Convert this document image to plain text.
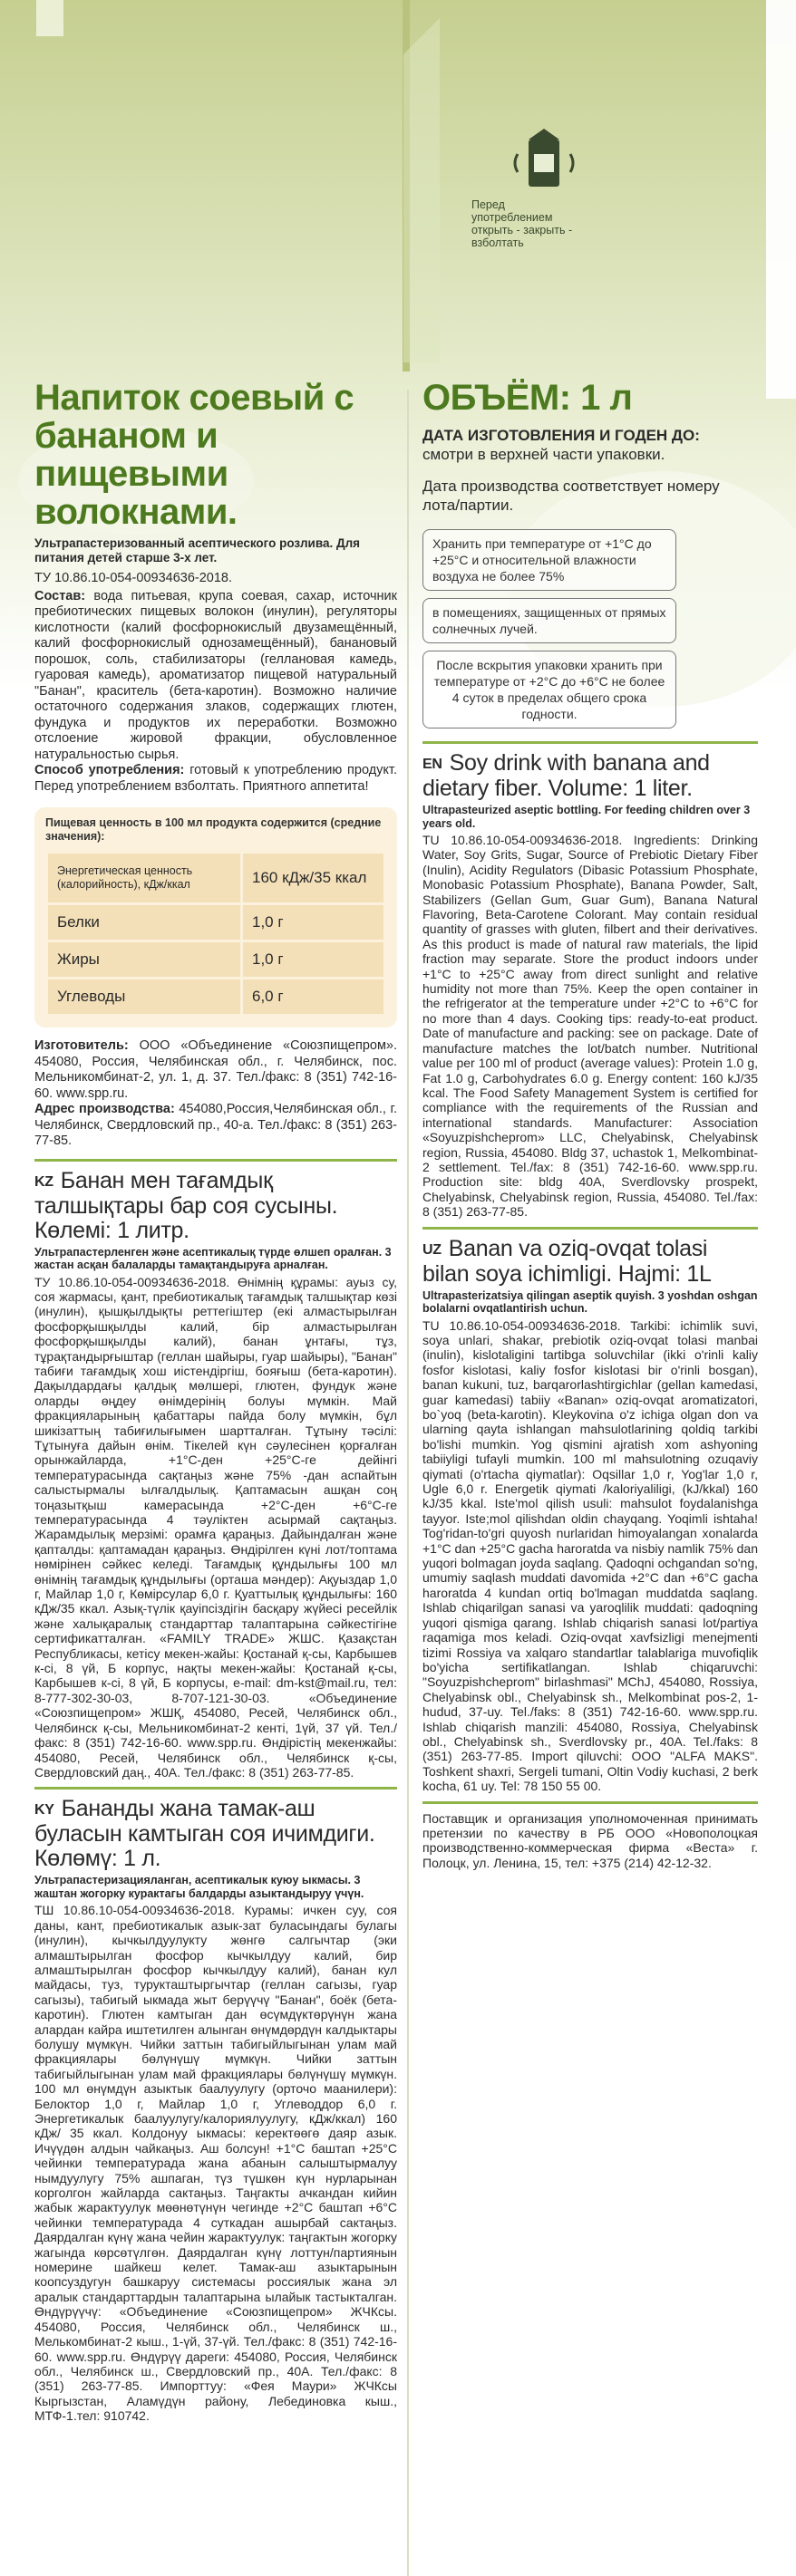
Перед
употреблением
открыть - закрыть -
взболтать
Напиток соевый с
бананом и пищевыми
волокнами.
Ультрапастеризованный асептического розлива. Для питания детей старше 3-х лет.
ТУ 10.86.10-054-00934636-2018.
Состав: вода питьевая, крупа соевая, сахар, источник пребиотических пищевых волокон (инулин), регуляторы кислотности (калий фосфорнокислый двузамещённый, калий фосфорнокислый однозамещённый), банановый порошок, соль, стабилизаторы (геллановая камедь, гуаровая камедь), ароматизатор пищевой натуральный "Банан", краситель (бета-каротин). Возможно наличие остаточного содержания злаков, содержащих глютен, фундука и продуктов их переработки. Возможно отслоение жировой фракции, обусловленное натуральностью сырья.
Способ употребления: готовый к употреблению продукт. Перед употреблением взболтать. Приятного аппетита!
Пищевая ценность в 100 мл продукта содержится (средние значения):
Энергетическая ценность (калорийность), кДж/ккал	160 кДж/35 ккал
Белки	1,0 г
Жиры	1,0 г
Углеводы	6,0 г
Изготовитель: ООО «Объединение «Союзпищепром». 454080, Россия, Челябинская обл., г. Челябинск, пос. Мельникомбинат-2, ул. 1, д. 37. Тел./факс: 8 (351) 742-16-60. www.spp.ru.
Адрес производства: 454080,Россия,Челябинская обл., г. Челябинск, Свердловский пр., 40-а. Тел./факс: 8 (351) 263-77-85.
KZ Банан мен тағамдық талшықтары бар соя сусыны. Көлемі: 1 литр.
Ультрапастерленген және асептикалық түрде өлшеп оралған. 3 жастан асқан балаларды тамақтандыруға арналған.
ТУ 10.86.10-054-00934636-2018. Өнімнің құрамы: ауыз су, соя жармасы, қант, пребиотикалық тағамдық талшықтар көзі (инулин), қышқылдықты реттегіштер (екі алмастырылған фосфорқышқылды калий, бір алмастырылған фосфорқышқылды калий), банан ұнтағы, тұз, тұрақтандырғыштар (геллан шайыры, гуар шайыры), "Банан" табиғи тағамдық хош иістендіргіш, бояғыш (бета-каротин). Дақылдардағы қалдық мөлшері, глютен, фундук және оларды өңдеу өнімдерінің болуы мүмкін. Май фракцияларының қабаттары пайда болу мүмкін, бұл шикізаттың табиғилығымен шартталған. Тұтыну тәсілі: Тұтынуға дайын өнім. Тікелей күн сәулесінен қорғалған орынжайларда, +1°С-ден +25°С-ге дейінгі температурасында сақтаңыз және 75% -дан аспайтын салыстырмалы ылғалдылық. Қаптамасын ашқан соң тоңазытқыш камерасында +2°С-ден +6°С-ге температурасында 4 тәуліктен асырмай сақтаңыз. Жарамдылық мерзімі: орамға қараңыз. Дайындалған және қапталды: қаптамадан қараңыз. Өндірілген күні лот/топтама нөмірінен сәйкес келеді. Тағамдық құндылығы 100 мл өнімнің тағамдық құндылығы (орташа мәндер): Ақуыздар 1,0 г, Майлар 1,0 г, Көмірсулар 6,0 г. Қуаттылық құндылығы: 160 кДж/35 ккал. Азық-түлік қауіпсіздігін басқару жүйесі ресейлік және халықаралық стандарттар талаптарына сәйкестігіне сертификатталған. «FAMILY TRADE» ЖШС. Қазақстан Республикасы, кетісу мекен-жайы: Қостанай қ-сы, Карбышев к-сі, 8 үй, Б корпус, нақты мекен-жайы: Қостанай қ-сы, Карбышев к-сі, 8 үй, Б корпусы, e-mail: dm-kst@mail.ru, тел: 8-777-302-30-03, 8-707-121-30-03. «Объединение «Союзпищепром» ЖШҚ, 454080, Ресей, Челябинск обл., Челябинск қ-сы, Мельникомбинат-2 кенті, 1үй, 37 үй. Тел./факс: 8 (351) 742-16-60. www.spp.ru. Өндірістің мекенжайы: 454080, Ресей, Челябинск обл., Челябинск қ-сы, Свердловский даң., 40А. Тел./факс: 8 (351) 263-77-85.
KY Бананды жана тамак-аш буласын камтыган соя ичимдиги. Көлөмү: 1 л.
Ультрапастеризацияланган, асептикалык куюу ыкмасы. 3 жаштан жогорку курактагы балдарды азыктандыруу үчүн.
ТШ 10.86.10-054-00934636-2018. Курамы: ичкен суу, соя даны, кант, пребиотикалык азык-зат буласындагы булагы (инулин), кычкылдуулукту жөнгө салгычтар (эки алмаштырылган фосфор кычкылдуу калий, бир алмаштырылган фосфор кычкылдуу калий), банан кул майдасы, туз, турукташтыргычтар (геллан сагызы, гуар сагызы), табигый ыкмада жыт берүүчү "Банан", боёк (бета-каротин). Глютен камтыган дан өсүмдүктөрүнүн жана алардан кайра иштетилген алынган өнүмдөрдүн калдыктары болушу мүмкүн. Чийки заттын табигыйлыгынан улам май фракциялары бөлүнүшү мүмкүн. Чийки заттын табигыйлыгынан улам май фракциялары бөлүнүшү мүмкүн. 100 мл өнүмдүн азыктык баалуулугу (орточо маанилери): Белоктор 1,0 г, Майлар 1,0 г, Углеводдор 6,0 г. Энергетикалык баалуулугу/калориялуулугу, кДж/ккал) 160 кДж/ 35 ккал. Колдонуу ыкмасы: керектөөгө даяр азык. Ичүүдөн алдын чайкаңыз. Аш болсун! +1°С баштап +25°С чейинки температурада жана абанын салыштырмалуу нымдуулугу 75% ашпаган, түз түшкөн күн нурларынан корголгон жайларда сактаңыз. Таңгакты ачкандан кийин жабык жарактуулук мөөнөтүнүн чегинде +2°С баштап +6°С чейинки температурада 4 суткадан ашырбай сактаңыз. Даярдалган күнү жана чейин жарактуулук: таңгактын жогорку жагында көрсөтүлгөн. Даярдалган күнү лоттун/партиянын номерине шайкеш келет. Тамак-аш азыктарынын коопсуздугун башкаруу системасы россиялык жана эл аралык стандарттардын талаптарына ылайык тастыкталган. Өндүрүүчү: «Объединение «Союзпищепром» ЖЧКсы. 454080, Россия, Челябинск обл., Челябинск ш., Мелькомбинат-2 кыш., 1-үй, 37-үй. Тел./факс: 8 (351) 742-16-60. www.spp.ru. Өндүрүү дареги: 454080, Россия, Челябинск обл., Челябинск ш., Свердловский пр., 40А. Тел./факс: 8 (351) 263-77-85. Импорттуу: «Фея Маури» ЖЧКсы Кыргызстан, Аламүдүн району, Лебединовка кыш., МТФ-1.тел: 910742.
ОБЪЁМ: 1 л
ДАТА ИЗГОТОВЛЕНИЯ И ГОДЕН ДО:
смотри в верхней части упаковки.
Дата производства соответствует номеру лота/партии.
Хранить при температуре от +1°С до +25°С и относительной влажности воздуха не более 75%
в помещениях, защищенных от прямых солнечных лучей.
После вскрытия упаковки хранить при температуре от +2°С до +6°С не более 4 суток в пределах общего срока годности.
EN Soy drink with banana and dietary fiber. Volume: 1 liter.
Ultrapasteurized aseptic bottling. For feeding children over 3 years old.
TU 10.86.10-054-00934636-2018. Ingredients: Drinking Water, Soy Grits, Sugar, Source of Prebiotic Dietary Fiber (Inulin), Acidity Regulators (Dibasic Potassium Phosphate, Monobasic Potassium Phosphate), Banana Powder, Salt, Stabilizers (Gellan Gum, Guar Gum), Banana Natural Flavoring, Beta-Carotene Colorant. May contain residual quantity of grasses with gluten, filbert and their derivatives. As this product is made of natural raw materials, the lipid fraction may separate. Store the product indoors under +1°С to +25°С away from direct sunlight and relative humidity not more than 75%. Keep the open container in the refrigerator at the temperature under +2°С to +6°С for no more than 4 days. Cooking tips: ready-to-eat product. Date of manufacture and packing: see on package. Date of manufacture matches the lot/batch number. Nutritional value per 100 ml of product (average values): Protein 1.0 g, Fat 1.0 g, Carbohydrates 6.0 g. Energy content: 160 kJ/35 kcal. The Food Safety Management System is certified for compliance with the requirements of the Russian and international standards. Manufacturer: Association «Soyuzpishchеprom» LLC, Chelyabinsk, Chelyabinsk region, Russia, 454080. Bldg 37, uchastok 1, Melkombinat-2 settlement. Tel./fax: 8 (351) 742-16-60. www.spp.ru. Production site: bldg 40A, Sverdlovsky prospekt, Chelyabinsk, Chelyabinsk region, Russia, 454080. Tel./fax: 8 (351) 263-77-85.
UZ Banan va oziq-ovqat tolasi bilan soya ichimligi. Hajmi: 1L
Ultrapasterizatsiya qilingan aseptik quyish. 3 yoshdan oshgan bolalarni ovqatlantirish uchun.
TU 10.86.10-054-00934636-2018. Tarkibi: ichimlik suvi, soya unlari, shakar, prebiotik oziq-ovqat tolasi manbai (inulin), kislotaligini tartibga soluvchilar (ikki o'rinli kaliy fosfor kislotasi, kaliy fosfor kislotasi bir o'rinli bosgan), banan kukuni, tuz, barqarorlashtirgichlar (gellan kamedasi, guar kamedasi) tabiiy «Banan» oziq-ovqat aromatizatori, bo`yoq (beta-karotin). Kleykovina o'z ichiga olgan don va ularning qayta ishlangan mahsulotlarining qoldiq tarkibi bo'lishi mumkin. Yog qismini ajratish xom ashyoning tabiiyligi tufayli mumkin. 100 ml mahsulotning ozuqaviy qiymati (o'rtacha qiymatlar): Oqsillar 1,0 r, Yog'lar 1,0 r, Ugle 6,0 r. Energetik qiymati /kaloriyaliligi, (kJ/kkal) 160 kJ/35 kkal. Iste'mol qilish usuli: mahsulot foydalanishga tayyor. Iste;mol qilishdan oldin chayqang. Yoqimli ishtaha! Tog'ridan-to'gri quyosh nurlaridan himoyalangan xonalarda +1°С dan +25°С gacha haroratda va nisbiy namlik 75% dan yuqori bolmagan joyda saqlang. Qadoqni ochgandan so'ng, umumiy saqlash muddati davomida +2°С dan +6°С gacha haroratda 4 kundan ortiq bo'lmagan muddatda saqlang. Ishlab chiqarilgan sanasi va yaroqlilik muddati: qadoqning yuqori qismiga qarang. Ishlab chiqarish sanasi lot/partiya raqamiga mos keladi. Oziq-ovqat xavfsizligi menejmenti tizimi Rossiya va xalqaro standartlar talablariga muvofiqlik bo'yicha sertifikatlangan. Ishlab chiqaruvchi: "Soyuzpishcheprom" birlashmasi" MChJ, 454080, Rossiya, Chelyabinsk obl., Chelyabinsk sh., Melkombinat pos-2, 1-hudud, 37-uy. Tel./faks: 8 (351) 742-16-60. www.spp.ru. Ishlab chiqarish manzili: 454080, Rossiya, Chelyabinsk obl., Chelyabinsk sh., Sverdlovsky pr., 40A. Tel./faks: 8 (351) 263-77-85. Import qiluvchi: OOO "ALFA MAKS". Toshkent shaxri, Sergeli tumani, Oltin Vodiy kuchasi, 2 berk kocha, 61 uy. Tel: 78 150 55 00.
Поставщик и организация уполномоченная принимать претензии по качеству в РБ ООО «Новополоцкая производственно-коммерческая фирма «Веста» г. Полоцк, ул. Ленина, 15, тел: +375 (214) 42-12-32.
